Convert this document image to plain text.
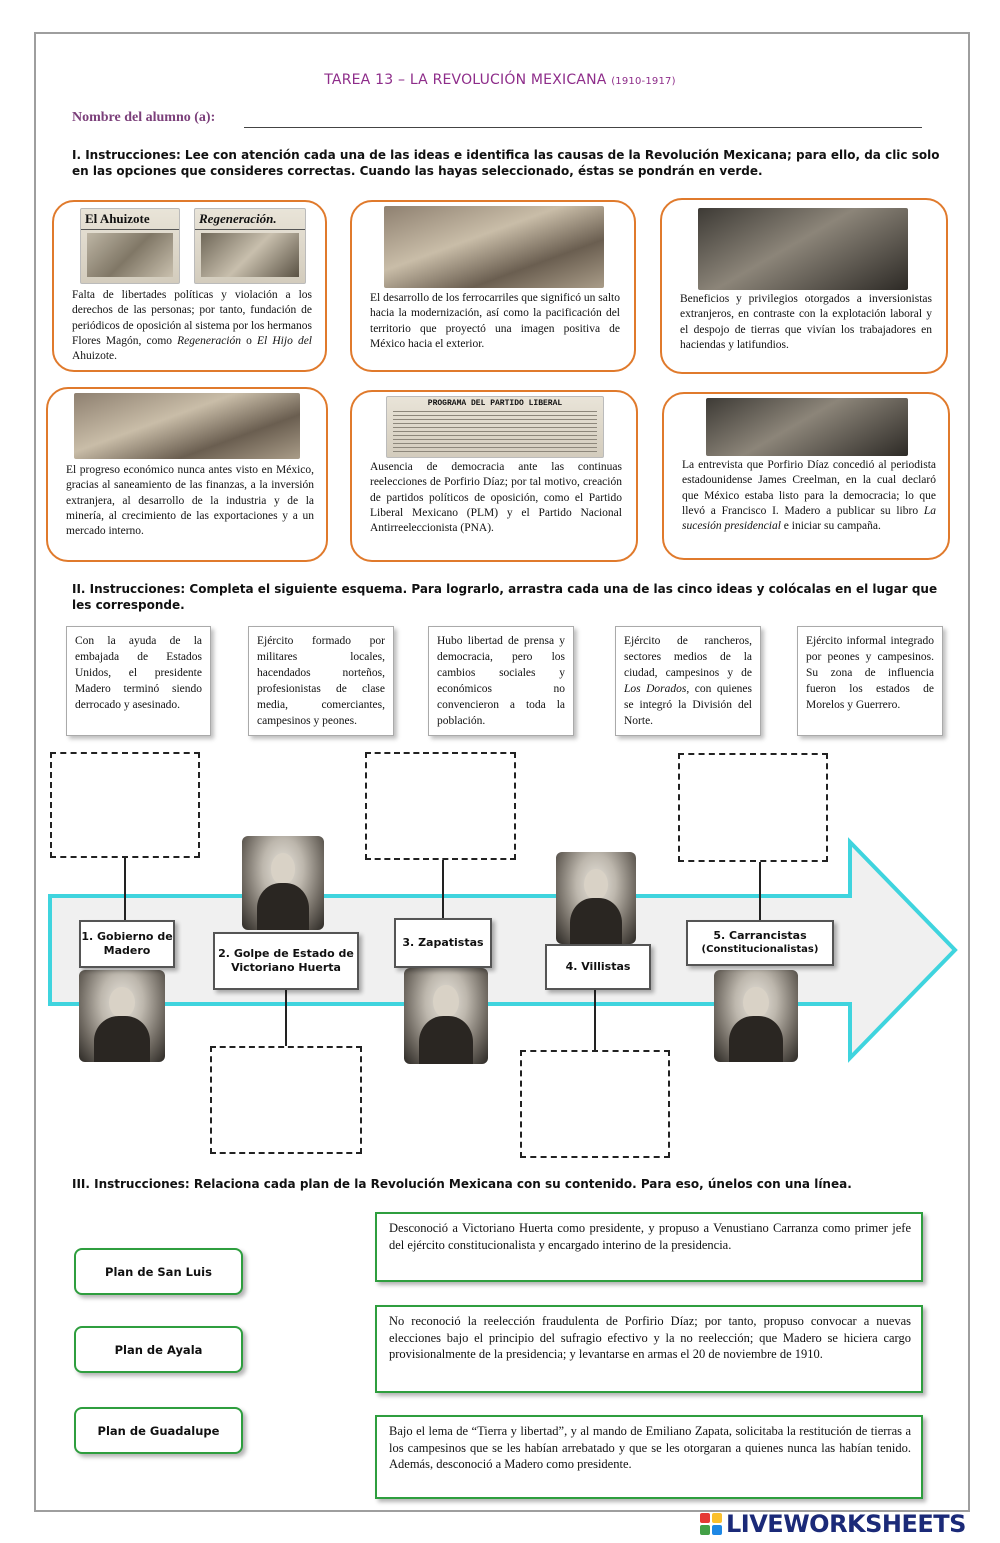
TAREA 13 – LA REVOLUCIÓN MEXICANA (1910-1917)
Nombre del alumno (a):
I. Instrucciones: Lee con atención cada una de las ideas e identifica las causas de la Revolución Mexicana; para ello, da clic solo en las opciones que consideres correctas. Cuando las hayas seleccionado, éstas se pondrán en verde.
El Ahuizote	Regeneración.
Falta de libertades políticas y violación a los derechos de las personas; por tanto, fundación de periódicos de oposición al sistema por los hermanos Flores Magón, como Regeneración o El Hijo del Ahuizote.
El desarrollo de los ferrocarriles que significó un salto hacia la modernización, así como la pacificación del territorio que proyectó una imagen positiva de México hacia el exterior.
Beneficios y privilegios otorgados a inversionistas extranjeros, en contraste con la explotación laboral y el despojo de tierras que vivían los trabajadores en haciendas y latifundios.
El progreso económico nunca antes visto en México, gracias al saneamiento de las finanzas, a la inversión extranjera, al desarrollo de la industria y de la minería, al crecimiento de las exportaciones y a un mercado interno.
PROGRAMA DEL PARTIDO LIBERAL
Ausencia de democracia ante las continuas reelecciones de Porfirio Díaz; por tal motivo, creación de partidos políticos de oposición, como el Partido Liberal Mexicano (PLM) y el Partido Nacional Antirreeleccionista (PNA).
La entrevista que Porfirio Díaz concedió al periodista estadounidense James Creelman, en la cual declaró que México estaba listo para la democracia; lo que llevó a Francisco I. Madero a publicar su libro La sucesión presidencial e iniciar su campaña.
II. Instrucciones: Completa el siguiente esquema. Para lograrlo, arrastra cada una de las cinco ideas y colócalas en el lugar que les corresponde.
Con la ayuda de la embajada de Estados Unidos, el presidente Madero terminó siendo derrocado y asesinado.
Ejército formado por militares locales, hacendados norteños, profesionistas de clase media, comerciantes, campesinos y peones.
Hubo libertad de prensa y democracia, pero los cambios sociales y económicos no convencieron a toda la población.
Ejército de rancheros, sectores medios de la ciudad, campesinos y de Los Dorados, con quienes se integró la División del Norte.
Ejército informal integrado por peones y campesinos. Su zona de influencia fueron los estados de Morelos y Guerrero.
1. Gobierno de Madero	2. Golpe de Estado de Victoriano Huerta
3. Zapatistas
4. Villistas
5. Carrancistas
(Constitucionalistas)
III. Instrucciones: Relaciona cada plan de la Revolución Mexicana con su contenido. Para eso, únelos con una línea.
Plan de San Luis
Plan de Ayala
Plan de Guadalupe
Desconoció a Victoriano Huerta como presidente, y propuso a Venustiano Carranza como primer jefe del ejército constitucionalista y encargado interino de la presidencia.
No reconoció la reelección fraudulenta de Porfirio Díaz; por tanto, propuso convocar a nuevas elecciones bajo el principio del sufragio efectivo y la no reelección; que Madero se hiciera cargo provisionalmente de la presidencia; y levantarse en armas el 20 de noviembre de 1910.
Bajo el lema de “Tierra y libertad”, y al mando de Emiliano Zapata, solicitaba la restitución de tierras a los campesinos que se les habían arrebatado y que se les otorgaran a quienes nunca las habían tenido. Además, desconoció a Madero como presidente.
LIVEWORKSHEETS
